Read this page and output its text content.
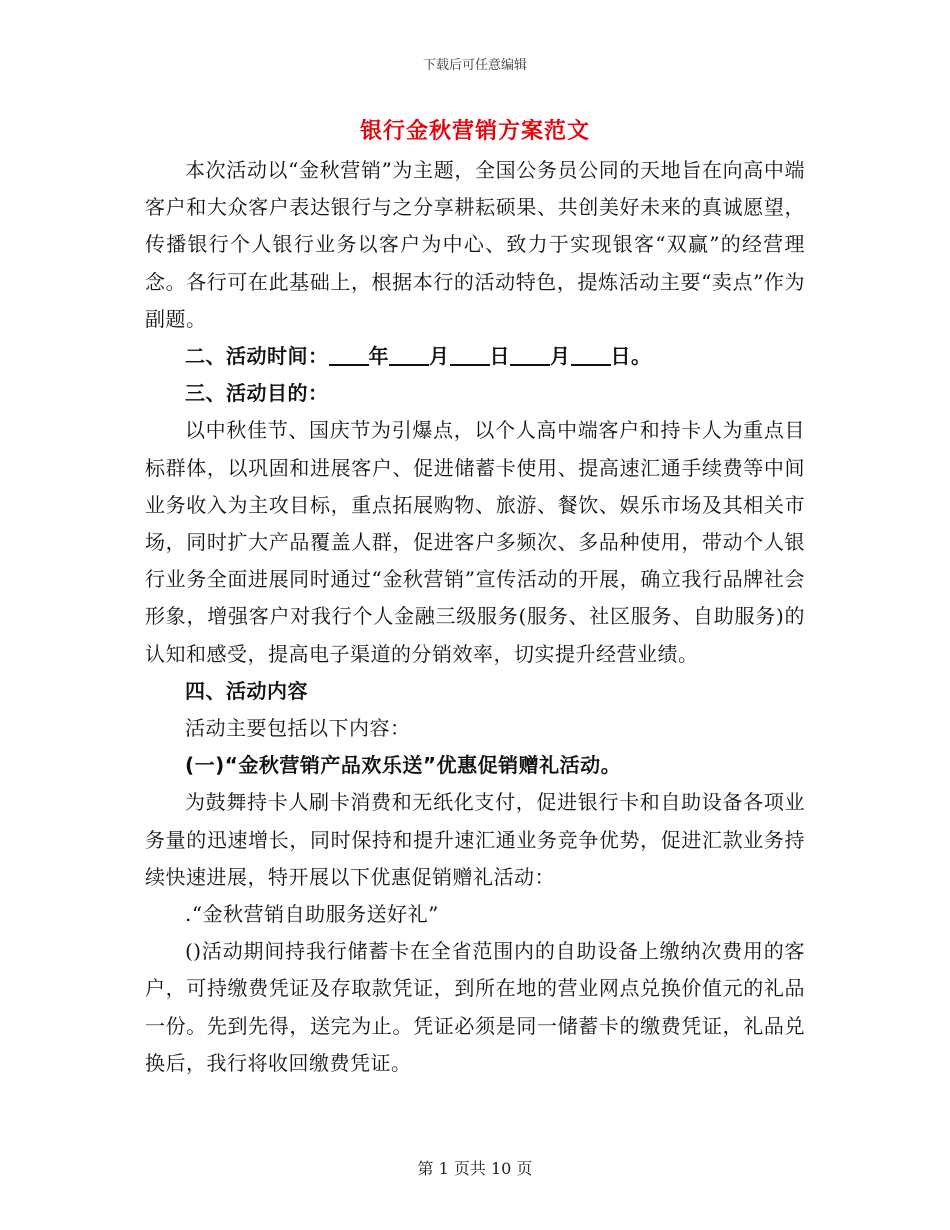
下载后可任意编辑
银行金秋营销方案范文

本次活动以“金秋营销”为主题，全国公务员公同的天地旨在向高中端客户和大众客户表达银行与之分享耕耘硕果、共创美好未来的真诚愿望，传播银行个人银行业务以客户为中心、致力于实现银客“双赢”的经营理念。各行可在此基础上，根据本行的活动特色，提炼活动主要“卖点”作为副题。

二、活动时间： 年 月 日 月 日。

三、活动目的：

以中秋佳节、国庆节为引爆点，以个人高中端客户和持卡人为重点目标群体，以巩固和进展客户、促进储蓄卡使用、提高速汇通手续费等中间业务收入为主攻目标，重点拓展购物、旅游、餐饮、娱乐市场及其相关市场，同时扩大产品覆盖人群，促进客户多频次、多品种使用，带动个人银行业务全面进展同时通过“金秋营销”宣传活动的开展，确立我行品牌社会形象，增强客户对我行个人金融三级服务(服务、社区服务、自助服务)的认知和感受，提高电子渠道的分销效率，切实提升经营业绩。

四、活动内容

活动主要包括以下内容：

(一)“金秋营销产品欢乐送”优惠促销赠礼活动。

为鼓舞持卡人刷卡消费和无纸化支付，促进银行卡和自助设备各项业务量的迅速增长，同时保持和提升速汇通业务竞争优势，促进汇款业务持续快速进展，特开展以下优惠促销赠礼活动：

.“金秋营销自助服务送好礼”

()活动期间持我行储蓄卡在全省范围内的自助设备上缴纳次费用的客户，可持缴费凭证及存取款凭证，到所在地的营业网点兑换价值元的礼品一份。先到先得，送完为止。凭证必须是同一储蓄卡的缴费凭证，礼品兑换后，我行将收回缴费凭证。

第 1 页共 10 页
